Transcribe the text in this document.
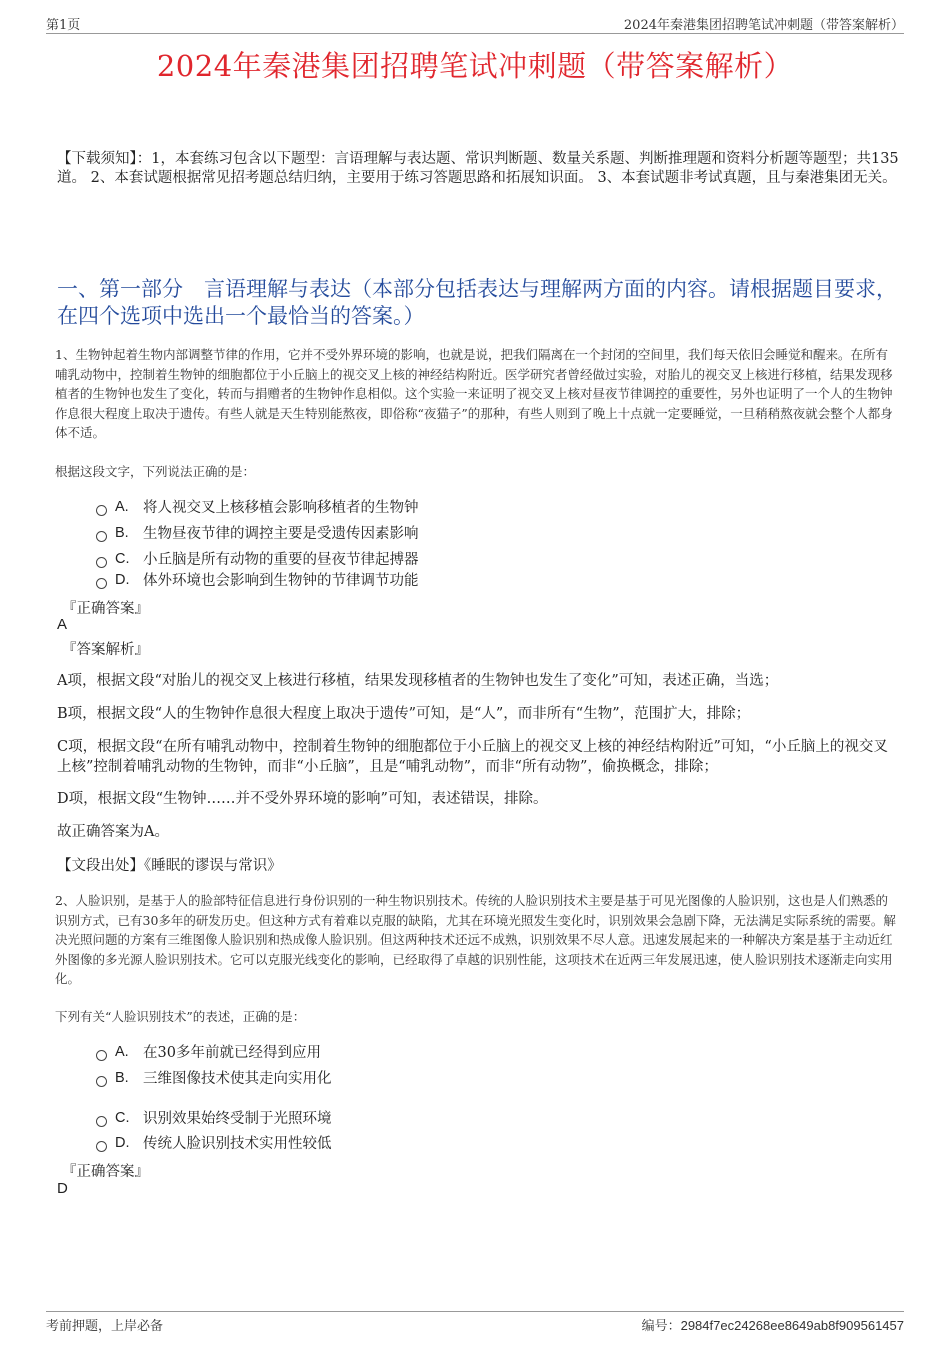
第1页	2024年秦港集团招聘笔试冲刺题（带答案解析）
2024年秦港集团招聘笔试冲刺题（带答案解析）
【下载须知】：1，本套练习包含以下题型：言语理解与表达题、常识判断题、数量关系题、判断推理题和资料分析题等题型；共135道。 2、本套试题根据常见招考题总结归纳，主要用于练习答题思路和拓展知识面。 3、本套试题非考试真题，且与秦港集团无关。
一、第一部分　言语理解与表达（本部分包括表达与理解两方面的内容。请根据题目要求，在四个选项中选出一个最恰当的答案。）
1、生物钟起着生物内部调整节律的作用，它并不受外界环境的影响，也就是说，把我们隔离在一个封闭的空间里，我们每天依旧会睡觉和醒来。在所有哺乳动物中，控制着生物钟的细胞都位于小丘脑上的视交叉上核的神经结构附近。医学研究者曾经做过实验，对胎儿的视交叉上核进行移植，结果发现移植者的生物钟也发生了变化，转而与捐赠者的生物钟作息相似。这个实验一来证明了视交叉上核对昼夜节律调控的重要性，另外也证明了一个人的生物钟作息很大程度上取决于遗传。有些人就是天生特别能熬夜，即俗称“夜猫子”的那种，有些人则到了晚上十点就一定要睡觉，一旦稍稍熬夜就会整个人都身体不适。
根据这段文字，下列说法正确的是：
A. 将人视交叉上核移植会影响移植者的生物钟
B. 生物昼夜节律的调控主要是受遗传因素影响
C. 小丘脑是所有动物的重要的昼夜节律起搏器
D. 体外环境也会影响到生物钟的节律调节功能
『正确答案』
A
『答案解析』
A项，根据文段“对胎儿的视交叉上核进行移植，结果发现移植者的生物钟也发生了变化”可知，表述正确，当选；
B项，根据文段“人的生物钟作息很大程度上取决于遗传”可知，是“人”，而非所有“生物”，范围扩大，排除；
C项，根据文段“在所有哺乳动物中，控制着生物钟的细胞都位于小丘脑上的视交叉上核的神经结构附近”可知，“小丘脑上的视交叉上核”控制着哺乳动物的生物钟，而非“小丘脑”，且是“哺乳动物”，而非“所有动物”，偷换概念，排除；
D项，根据文段“生物钟……并不受外界环境的影响”可知，表述错误，排除。
故正确答案为A。
【文段出处】《睡眠的谬误与常识》
2、人脸识别，是基于人的脸部特征信息进行身份识别的一种生物识别技术。传统的人脸识别技术主要是基于可见光图像的人脸识别，这也是人们熟悉的识别方式，已有30多年的研发历史。但这种方式有着难以克服的缺陷，尤其在环境光照发生变化时，识别效果会急剧下降，无法满足实际系统的需要。解决光照问题的方案有三维图像人脸识别和热成像人脸识别。但这两种技术还远不成熟，识别效果不尽人意。迅速发展起来的一种解决方案是基于主动近红外图像的多光源人脸识别技术。它可以克服光线变化的影响，已经取得了卓越的识别性能，这项技术在近两三年发展迅速，使人脸识别技术逐渐走向实用化。
下列有关“人脸识别技术”的表述，正确的是：
A. 在30多年前就已经得到应用
B. 三维图像技术使其走向实用化
C. 识别效果始终受制于光照环境
D. 传统人脸识别技术实用性较低
『正确答案』
D
考前押题，上岸必备	编号：2984f7ec24268ee8649ab8f909561457
